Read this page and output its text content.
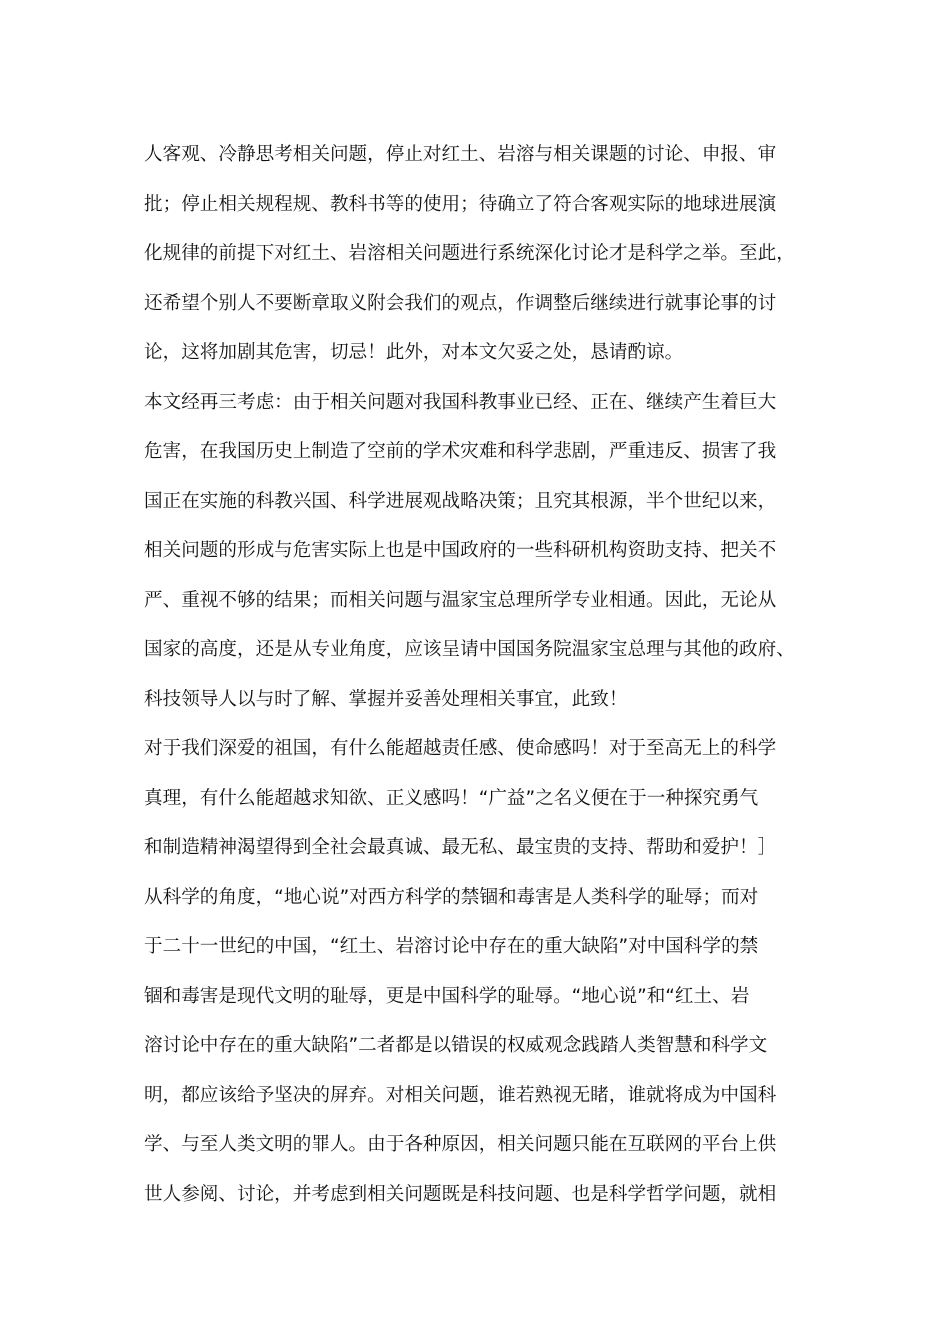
人客观、冷静思考相关问题，停止对红土、岩溶与相关课题的讨论、申报、审
批；停止相关规程规、教科书等的使用；待确立了符合客观实际的地球进展演
化规律的前提下对红土、岩溶相关问题进行系统深化讨论才是科学之举。至此，
还希望个别人不要断章取义附会我们的观点，作调整后继续进行就事论事的讨
论，这将加剧其危害，切忌！此外，对本文欠妥之处，恳请酌谅。
本文经再三考虑：由于相关问题对我国科教事业已经、正在、继续产生着巨大
危害，在我国历史上制造了空前的学术灾难和科学悲剧，严重违反、损害了我
国正在实施的科教兴国、科学进展观战略决策；且究其根源，半个世纪以来，
相关问题的形成与危害实际上也是中国政府的一些科研机构资助支持、把关不
严、重视不够的结果；而相关问题与温家宝总理所学专业相通。因此，无论从
国家的高度，还是从专业角度，应该呈请中国国务院温家宝总理与其他的政府、
科技领导人以与时了解、掌握并妥善处理相关事宜，此致！
对于我们深爱的祖国，有什么能超越责任感、使命感吗！对于至高无上的科学
真理，有什么能超越求知欲、正义感吗！“广益”之名义便在于一种探究勇气
和制造精神渴望得到全社会最真诚、最无私、最宝贵的支持、帮助和爱护！］
从科学的角度，“地心说”对西方科学的禁锢和毒害是人类科学的耻辱；而对
于二十一世纪的中国，“红土、岩溶讨论中存在的重大缺陷”对中国科学的禁
锢和毒害是现代文明的耻辱，更是中国科学的耻辱。“地心说”和“红土、岩
溶讨论中存在的重大缺陷”二者都是以错误的权威观念践踏人类智慧和科学文
明，都应该给予坚决的屏弃。对相关问题，谁若熟视无睹，谁就将成为中国科
学、与至人类文明的罪人。由于各种原因，相关问题只能在互联网的平台上供
世人参阅、讨论，并考虑到相关问题既是科技问题、也是科学哲学问题，就相
